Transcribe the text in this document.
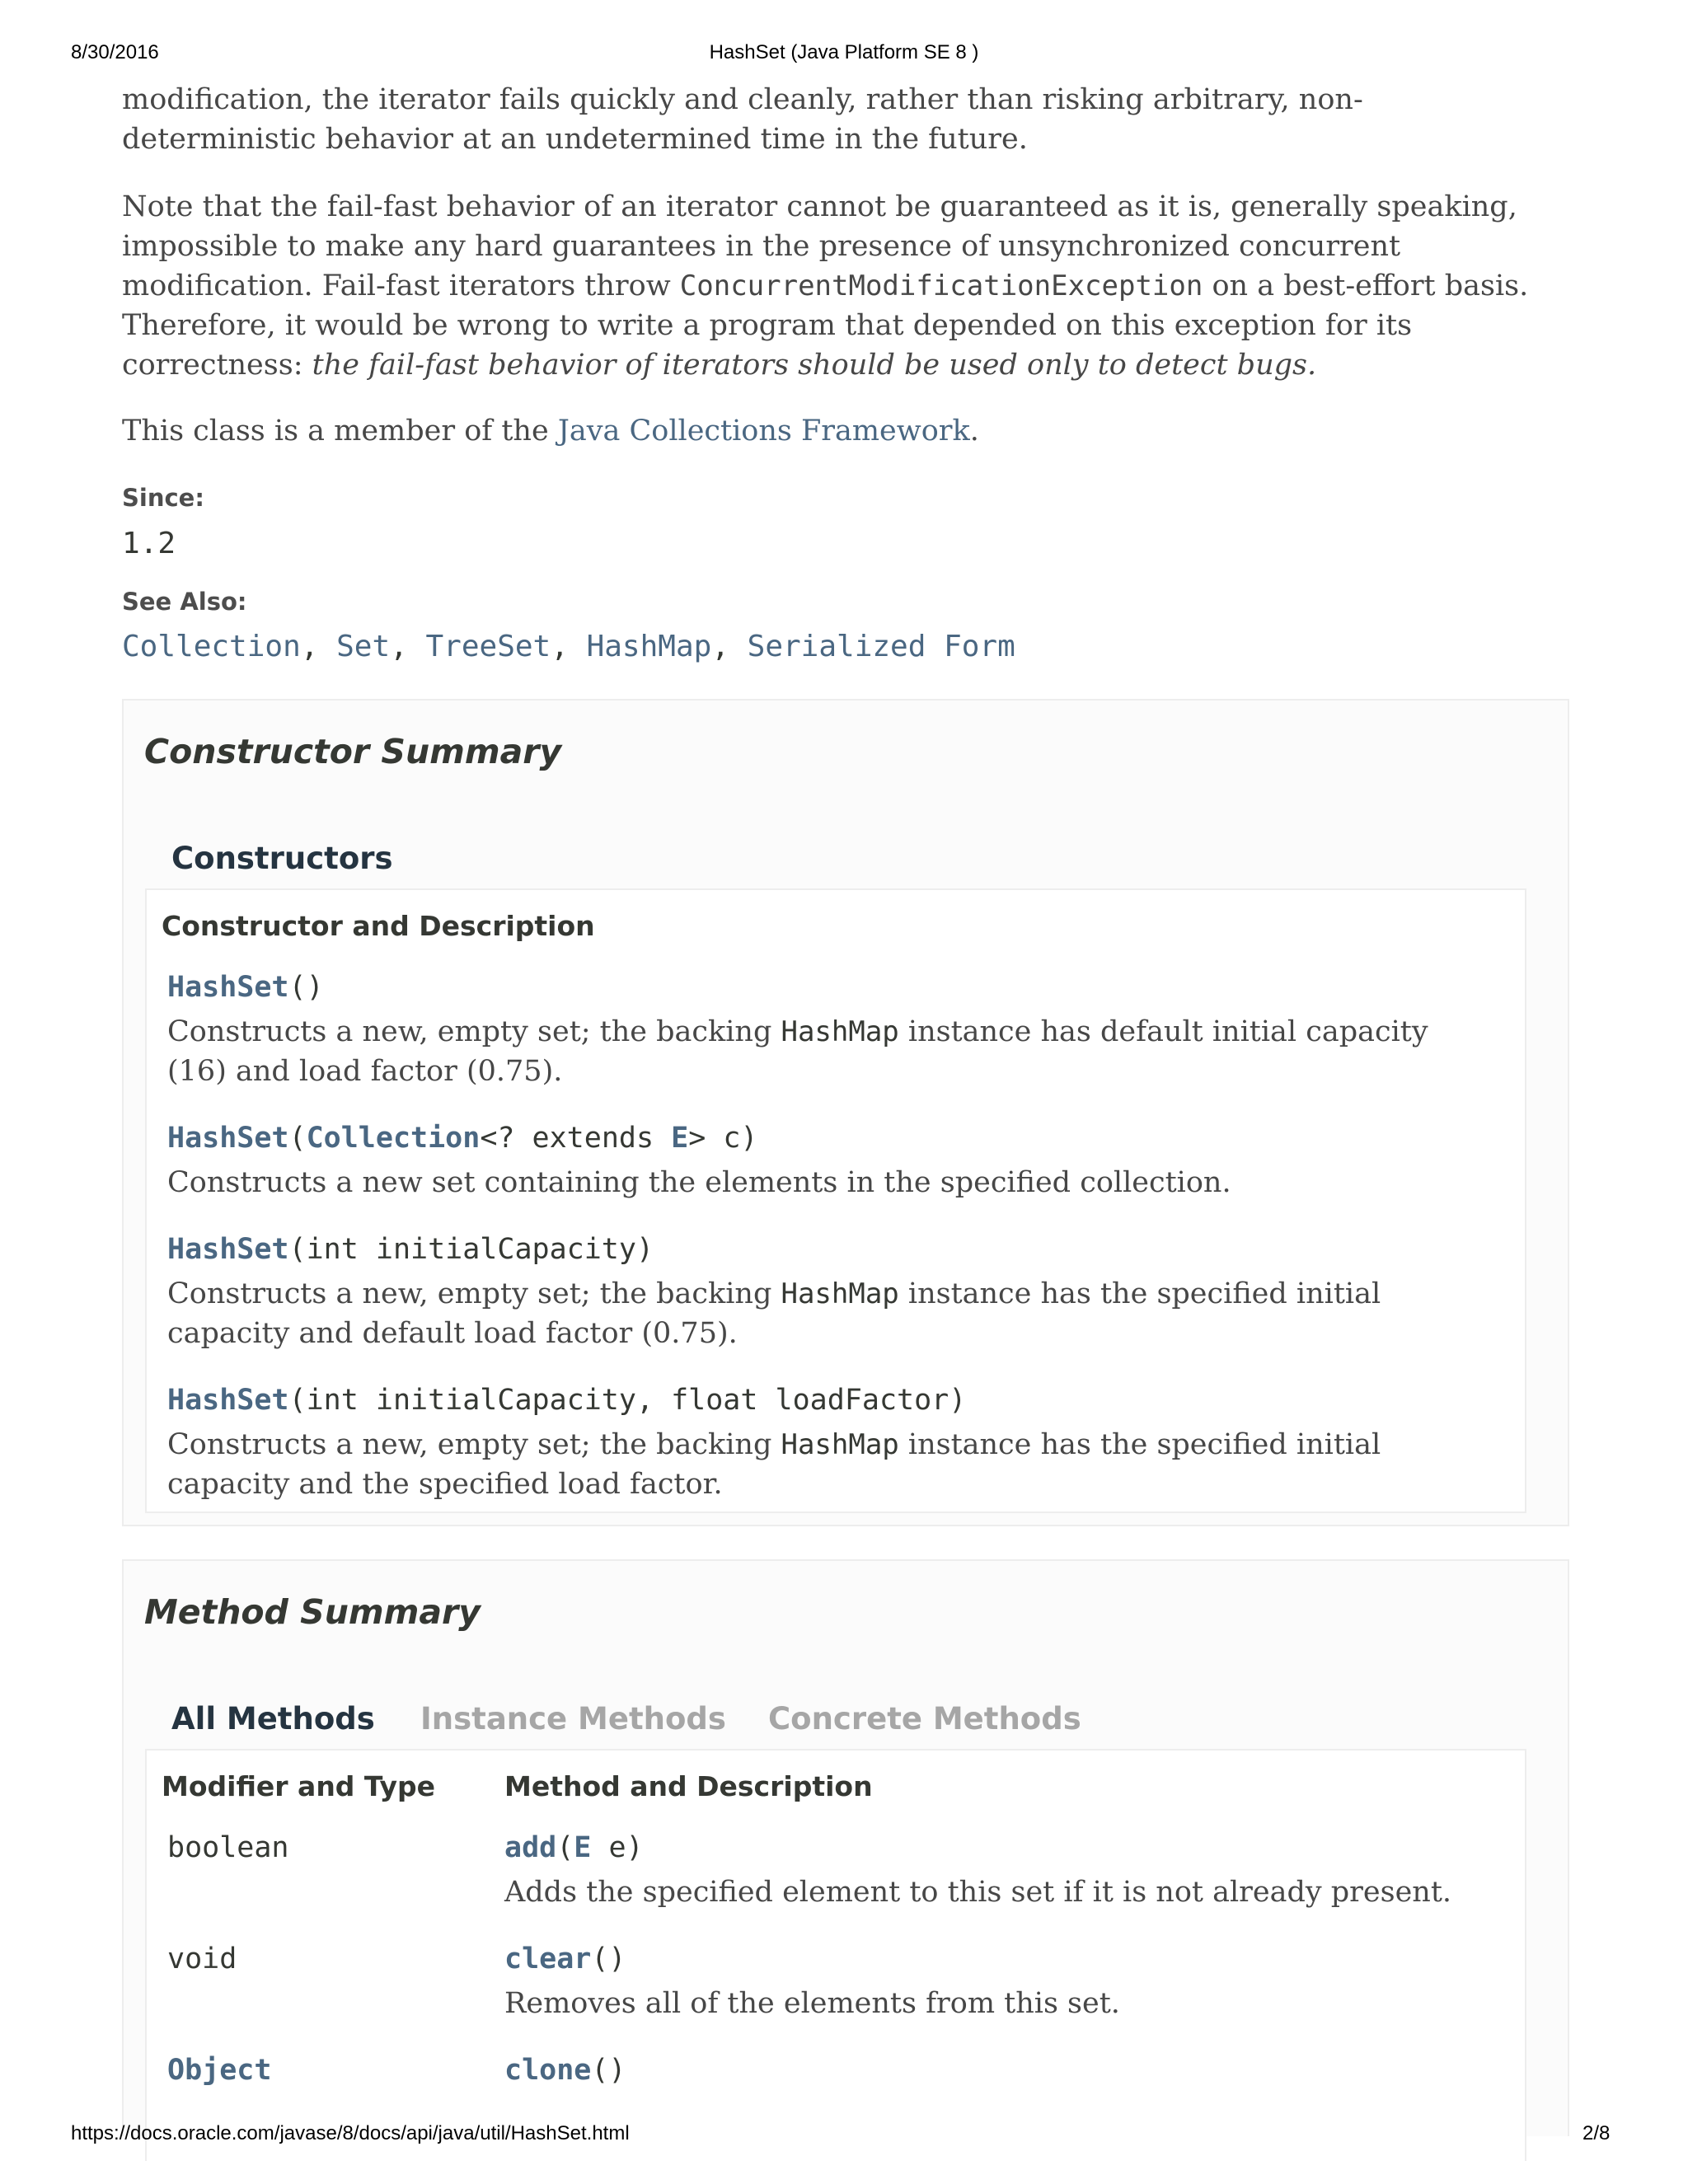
8/30/2016	HashSet (Java Platform SE 8 )

modification, the iterator fails quickly and cleanly, rather than risking arbitrary, non-

deterministic behavior at an undetermined time in the future.

Note that the fail-fast behavior of an iterator cannot be guaranteed as it is, generally speaking, impossible to make any hard guarantees in the presence of unsynchronized concurrent modification. Fail-fast iterators throw ConcurrentModificationException on a best-effort basis. Therefore, it would be wrong to write a program that depended on this exception for its correctness: the fail-fast behavior of iterators should be used only to detect bugs.

This class is a member of the Java Collections Framework.

Since:
1.2
See Also:
Collection, Set, TreeSet, HashMap, Serialized Form
Constructor Summary
Constructors
Constructor and Description
HashSet()
Constructs a new, empty set; the backing HashMap instance has default initial capacity (16) and load factor (0.75).
HashSet(Collection<? extends E> c)
Constructs a new set containing the elements in the specified collection.
HashSet(int initialCapacity)
Constructs a new, empty set; the backing HashMap instance has the specified initial capacity and default load factor (0.75).
HashSet(int initialCapacity, float loadFactor)
Constructs a new, empty set; the backing HashMap instance has the specified initial capacity and the specified load factor.
Method Summary
All Methods Instance Methods Concrete Methods
Modifier and Type	Method and Description
boolean	add(E e)
Adds the specified element to this set if it is not already present.
void	clear()
Removes all of the elements from this set.
Object	clone()
https://docs.oracle.com/javase/8/docs/api/java/util/HashSet.html	2/8
